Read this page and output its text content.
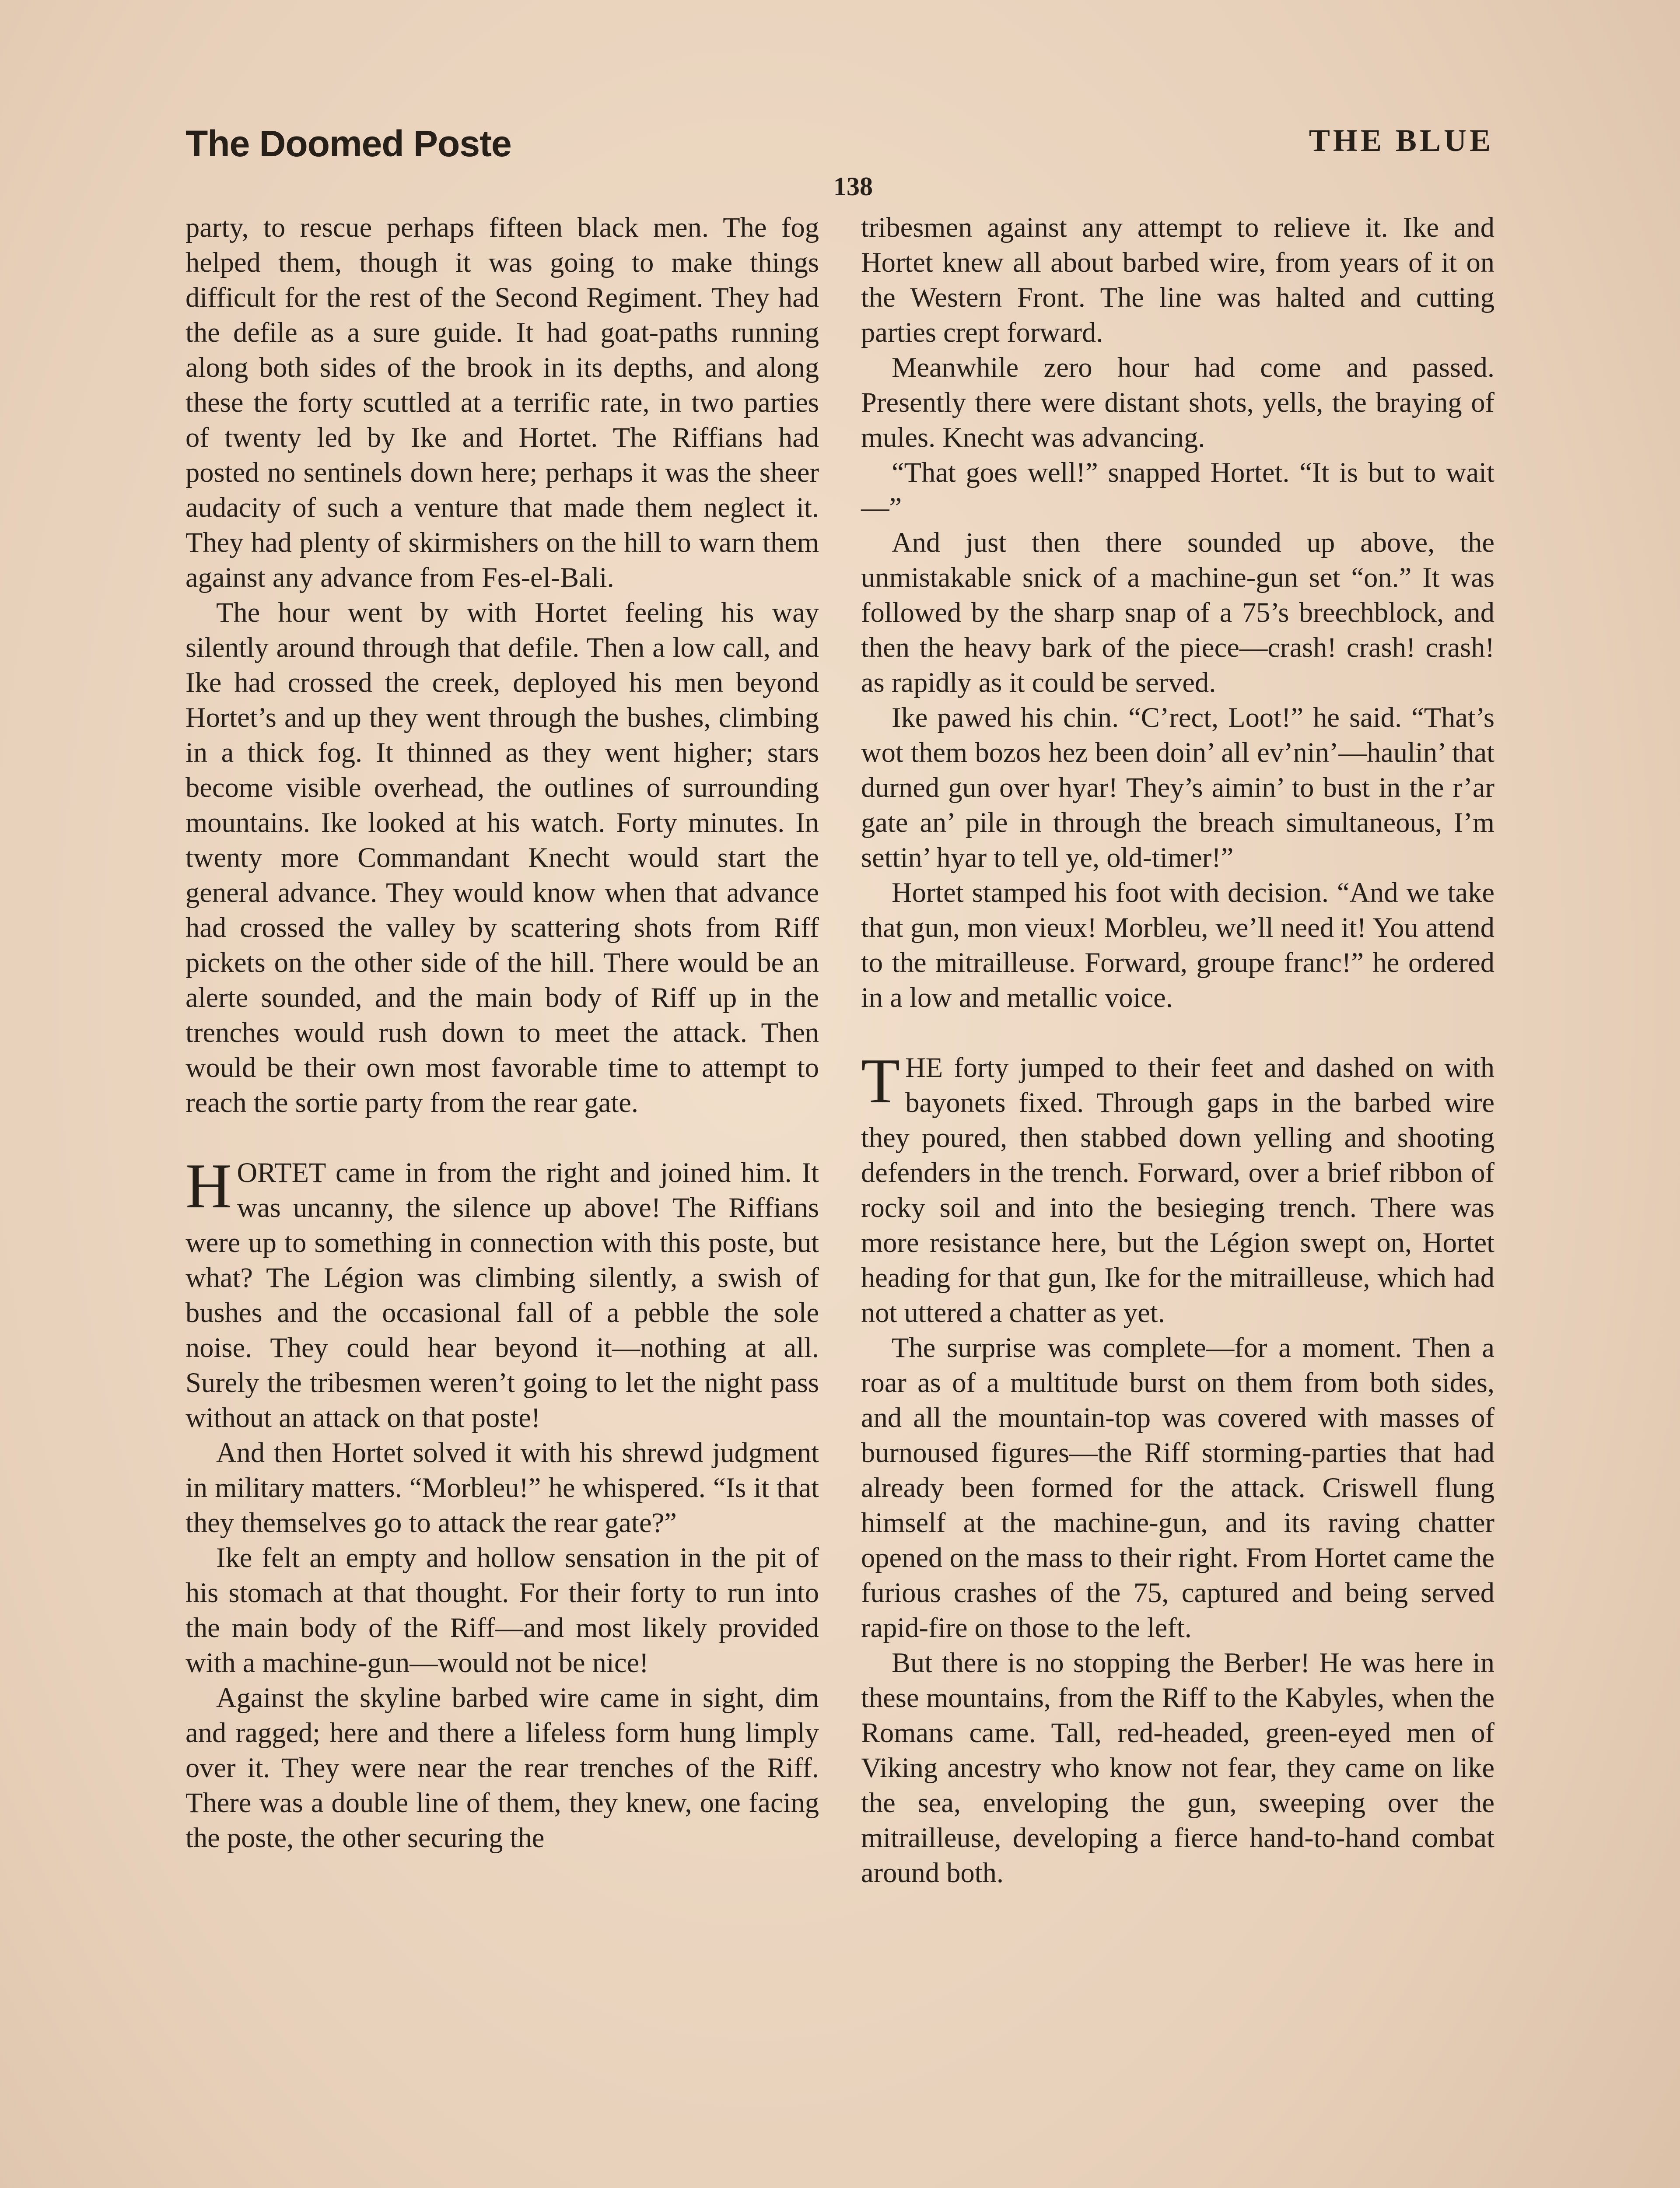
The Doomed Poste	THE BLUE
138

party, to rescue perhaps fifteen black men. The fog helped them, though it was going to make things difficult for the rest of the Second Regiment. They had the defile as a sure guide. It had goat-paths running along both sides of the brook in its depths, and along these the forty scuttled at a terrific rate, in two parties of twenty led by Ike and Hortet. The Riffians had posted no sentinels down here; perhaps it was the sheer audacity of such a venture that made them neglect it. They had plenty of skirmishers on the hill to warn them against any advance from Fes-el-Bali.

The hour went by with Hortet feeling his way silently around through that defile. Then a low call, and Ike had crossed the creek, deployed his men beyond Hortet’s and up they went through the bushes, climbing in a thick fog. It thinned as they went higher; stars become visible overhead, the outlines of surrounding mountains. Ike looked at his watch. Forty minutes. In twenty more Commandant Knecht would start the general advance. They would know when that advance had crossed the valley by scattering shots from Riff pickets on the other side of the hill. There would be an alerte sounded, and the main body of Riff up in the trenches would rush down to meet the attack. Then would be their own most favorable time to attempt to reach the sortie party from the rear gate.

HORTET came in from the right and joined him. It was uncanny, the silence up above! The Riffians were up to something in connection with this poste, but what? The Légion was climbing silently, a swish of bushes and the occasional fall of a pebble the sole noise. They could hear beyond it—nothing at all. Surely the tribesmen weren’t going to let the night pass without an attack on that poste!

And then Hortet solved it with his shrewd judgment in military matters. “Morbleu!” he whispered. “Is it that they themselves go to attack the rear gate?”

Ike felt an empty and hollow sensation in the pit of his stomach at that thought. For their forty to run into the main body of the Riff—and most likely provided with a machine-gun—would not be nice!

Against the skyline barbed wire came in sight, dim and ragged; here and there a lifeless form hung limply over it. They were near the rear trenches of the Riff. There was a double line of them, they knew, one facing the poste, the other securing the

tribesmen against any attempt to relieve it. Ike and Hortet knew all about barbed wire, from years of it on the Western Front. The line was halted and cutting parties crept forward.

Meanwhile zero hour had come and passed. Presently there were distant shots, yells, the braying of mules. Knecht was advancing.

“That goes well!” snapped Hortet. “It is but to wait—”

And just then there sounded up above, the unmistakable snick of a machine-gun set “on.” It was followed by the sharp snap of a 75’s breechblock, and then the heavy bark of the piece—crash! crash! crash! as rapidly as it could be served.

Ike pawed his chin. “C’rect, Loot!” he said. “That’s wot them bozos hez been doin’ all ev’nin’—haulin’ that durned gun over hyar! They’s aimin’ to bust in the r’ar gate an’ pile in through the breach simultaneous, I’m settin’ hyar to tell ye, old-timer!”

Hortet stamped his foot with decision. “And we take that gun, mon vieux! Morbleu, we’ll need it! You attend to the mitrailleuse. Forward, groupe franc!” he ordered in a low and metallic voice.

THE forty jumped to their feet and dashed on with bayonets fixed. Through gaps in the barbed wire they poured, then stabbed down yelling and shooting defenders in the trench. Forward, over a brief ribbon of rocky soil and into the besieging trench. There was more resistance here, but the Légion swept on, Hortet heading for that gun, Ike for the mitrailleuse, which had not uttered a chatter as yet.

The surprise was complete—for a moment. Then a roar as of a multitude burst on them from both sides, and all the mountain-top was covered with masses of burnoused figures—the Riff storming-parties that had already been formed for the attack. Criswell flung himself at the machine-gun, and its raving chatter opened on the mass to their right. From Hortet came the furious crashes of the 75, captured and being served rapid-fire on those to the left.

But there is no stopping the Berber! He was here in these mountains, from the Riff to the Kabyles, when the Romans came. Tall, red-headed, green-eyed men of Viking ancestry who know not fear, they came on like the sea, enveloping the gun, sweeping over the mitrailleuse, developing a fierce hand-to-hand combat around both.
